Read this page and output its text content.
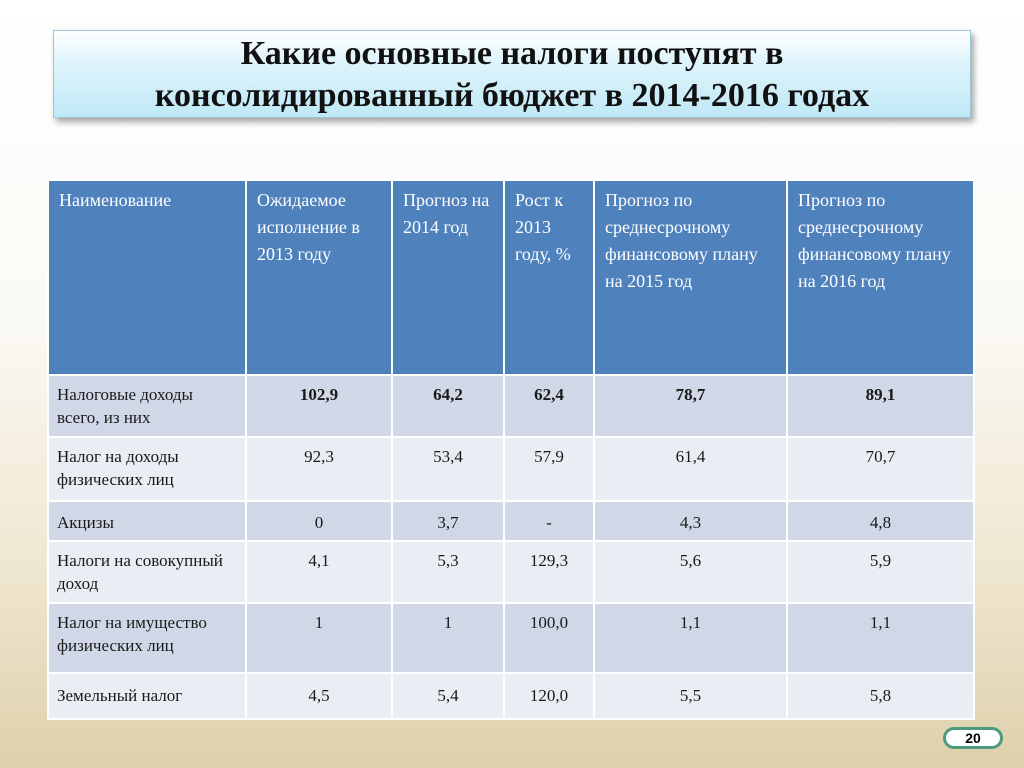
Какие основные налоги поступят в
консолидированный бюджет в 2014-2016 годах
Наименование	Ожидаемое исполнение в 2013 году	Прогноз на 2014 год	Рост к 2013 году, %	Прогноз по среднесрочному финансовому плану на 2015 год	Прогноз по среднесрочному финансовому плану на 2016 год
Налоговые доходы всего, из них	102,9	64,2	62,4	78,7	89,1
Налог на доходы физических лиц	92,3	53,4	57,9	61,4	70,7
Акцизы	0	3,7	-	4,3	4,8
Налоги на совокупный доход	4,1	5,3	129,3	5,6	5,9
Налог на имущество физических лиц	1	1	100,0	1,1	1,1
Земельный налог	4,5	5,4	120,0	5,5	5,8
20
